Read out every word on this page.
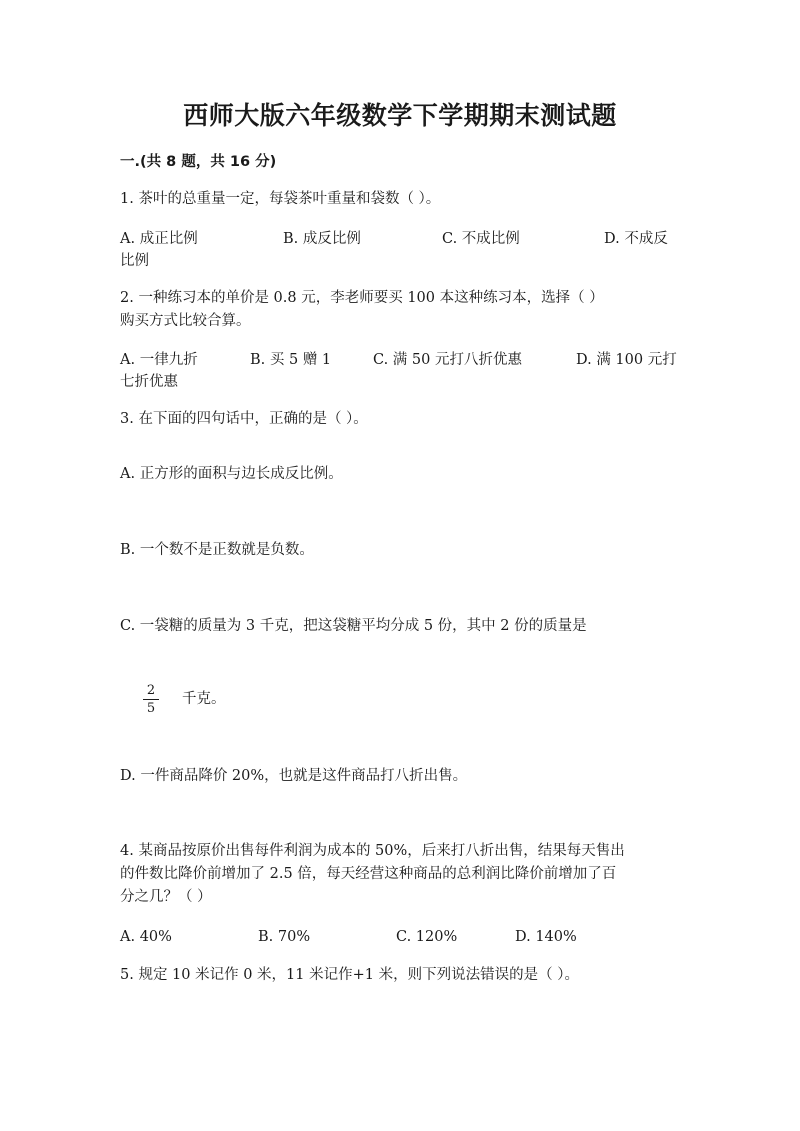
西师大版六年级数学下学期期末测试题
一.(共 8 题，共 16 分)
1. 茶叶的总重量一定，每袋茶叶重量和袋数（ ）。
A. 成正比例	B. 成反比例	C. 不成比例	D. 不成反
比例
2. 一种练习本的单价是 0.8 元，李老师要买 100 本这种练习本，选择（ ）
购买方式比较合算。
A. 一律九折	B. 买 5 赠 1	C. 满 50 元打八折优惠	D. 满 100 元打
七折优惠
3. 在下面的四句话中，正确的是（ ）。
A. 正方形的面积与边长成反比例。
B. 一个数不是正数就是负数。
C. 一袋糖的质量为 3 千克，把这袋糖平均分成 5 份，其中 2 份的质量是
$\frac{2}{5}$ 千克。
D. 一件商品降价 20%，也就是这件商品打八折出售。
4. 某商品按原价出售每件利润为成本的 50%，后来打八折出售，结果每天售出
的件数比降价前增加了 2.5 倍，每天经营这种商品的总利润比降价前增加了百
分之几？（ ）
A. 40%	B. 70%	C. 120%	D. 140%
5. 规定 10 米记作 0 米，11 米记作+1 米，则下列说法错误的是（ ）。
